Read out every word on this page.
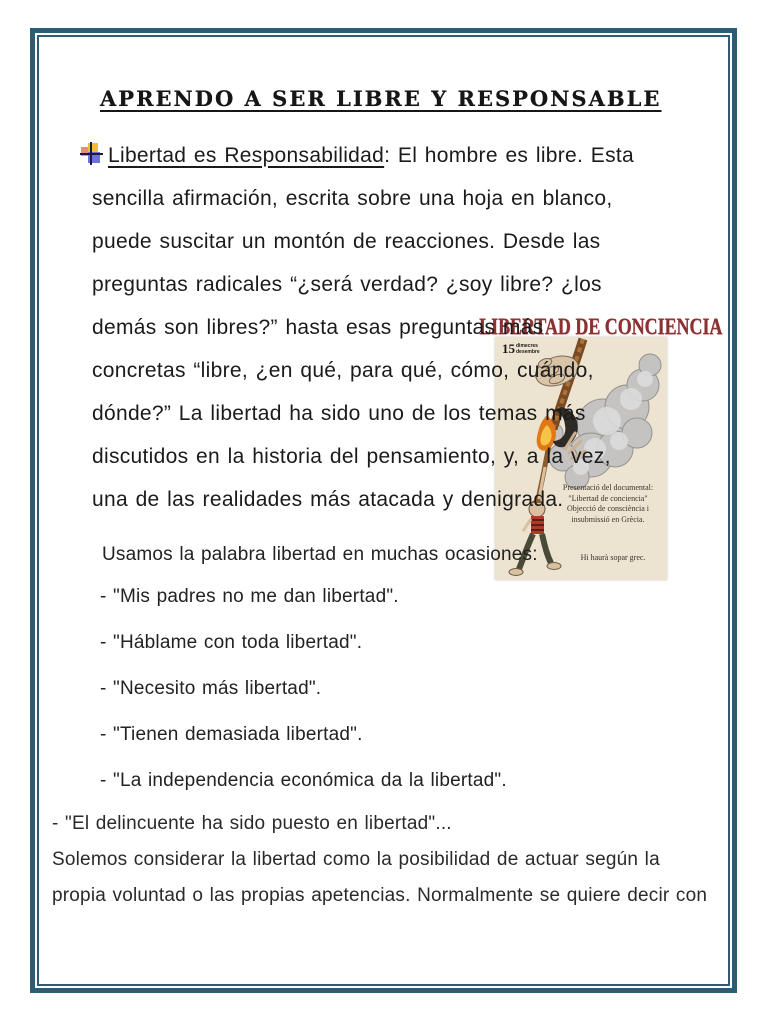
15 dimecres
desembre
Presentació del documental:
"Libertad de conciencia"
Objecció de consciència i
insubmissió en Grècia.
Hi haurà sopar grec.
LIBERTAD DE CONCIENCIA
APRENDO A SER LIBRE Y RESPONSABLE
Libertad es Responsabilidad : El hombre es libre. Esta
sencilla afirmación, escrita sobre una hoja en blanco,
puede suscitar un montón de reacciones. Desde las
preguntas radicales “¿será verdad? ¿soy libre? ¿los
demás son libres?” hasta esas preguntas más
concretas “libre, ¿en qué, para qué, cómo, cuándo,
dónde?” La libertad ha sido uno de los temas más
discutidos en la historia del pensamiento, y, a la vez,
una de las realidades más atacada y denigrada.
Usamos la palabra libertad en muchas ocasiones:
- "Mis padres no me dan libertad".
- "Háblame con toda libertad".
- "Necesito más libertad".
- "Tienen demasiada libertad".
- "La independencia económica da la libertad".
- "El delincuente ha sido puesto en libertad"...
Solemos considerar la libertad como la posibilidad de actuar según la
propia voluntad o las propias apetencias. Normalmente se quiere decir con
